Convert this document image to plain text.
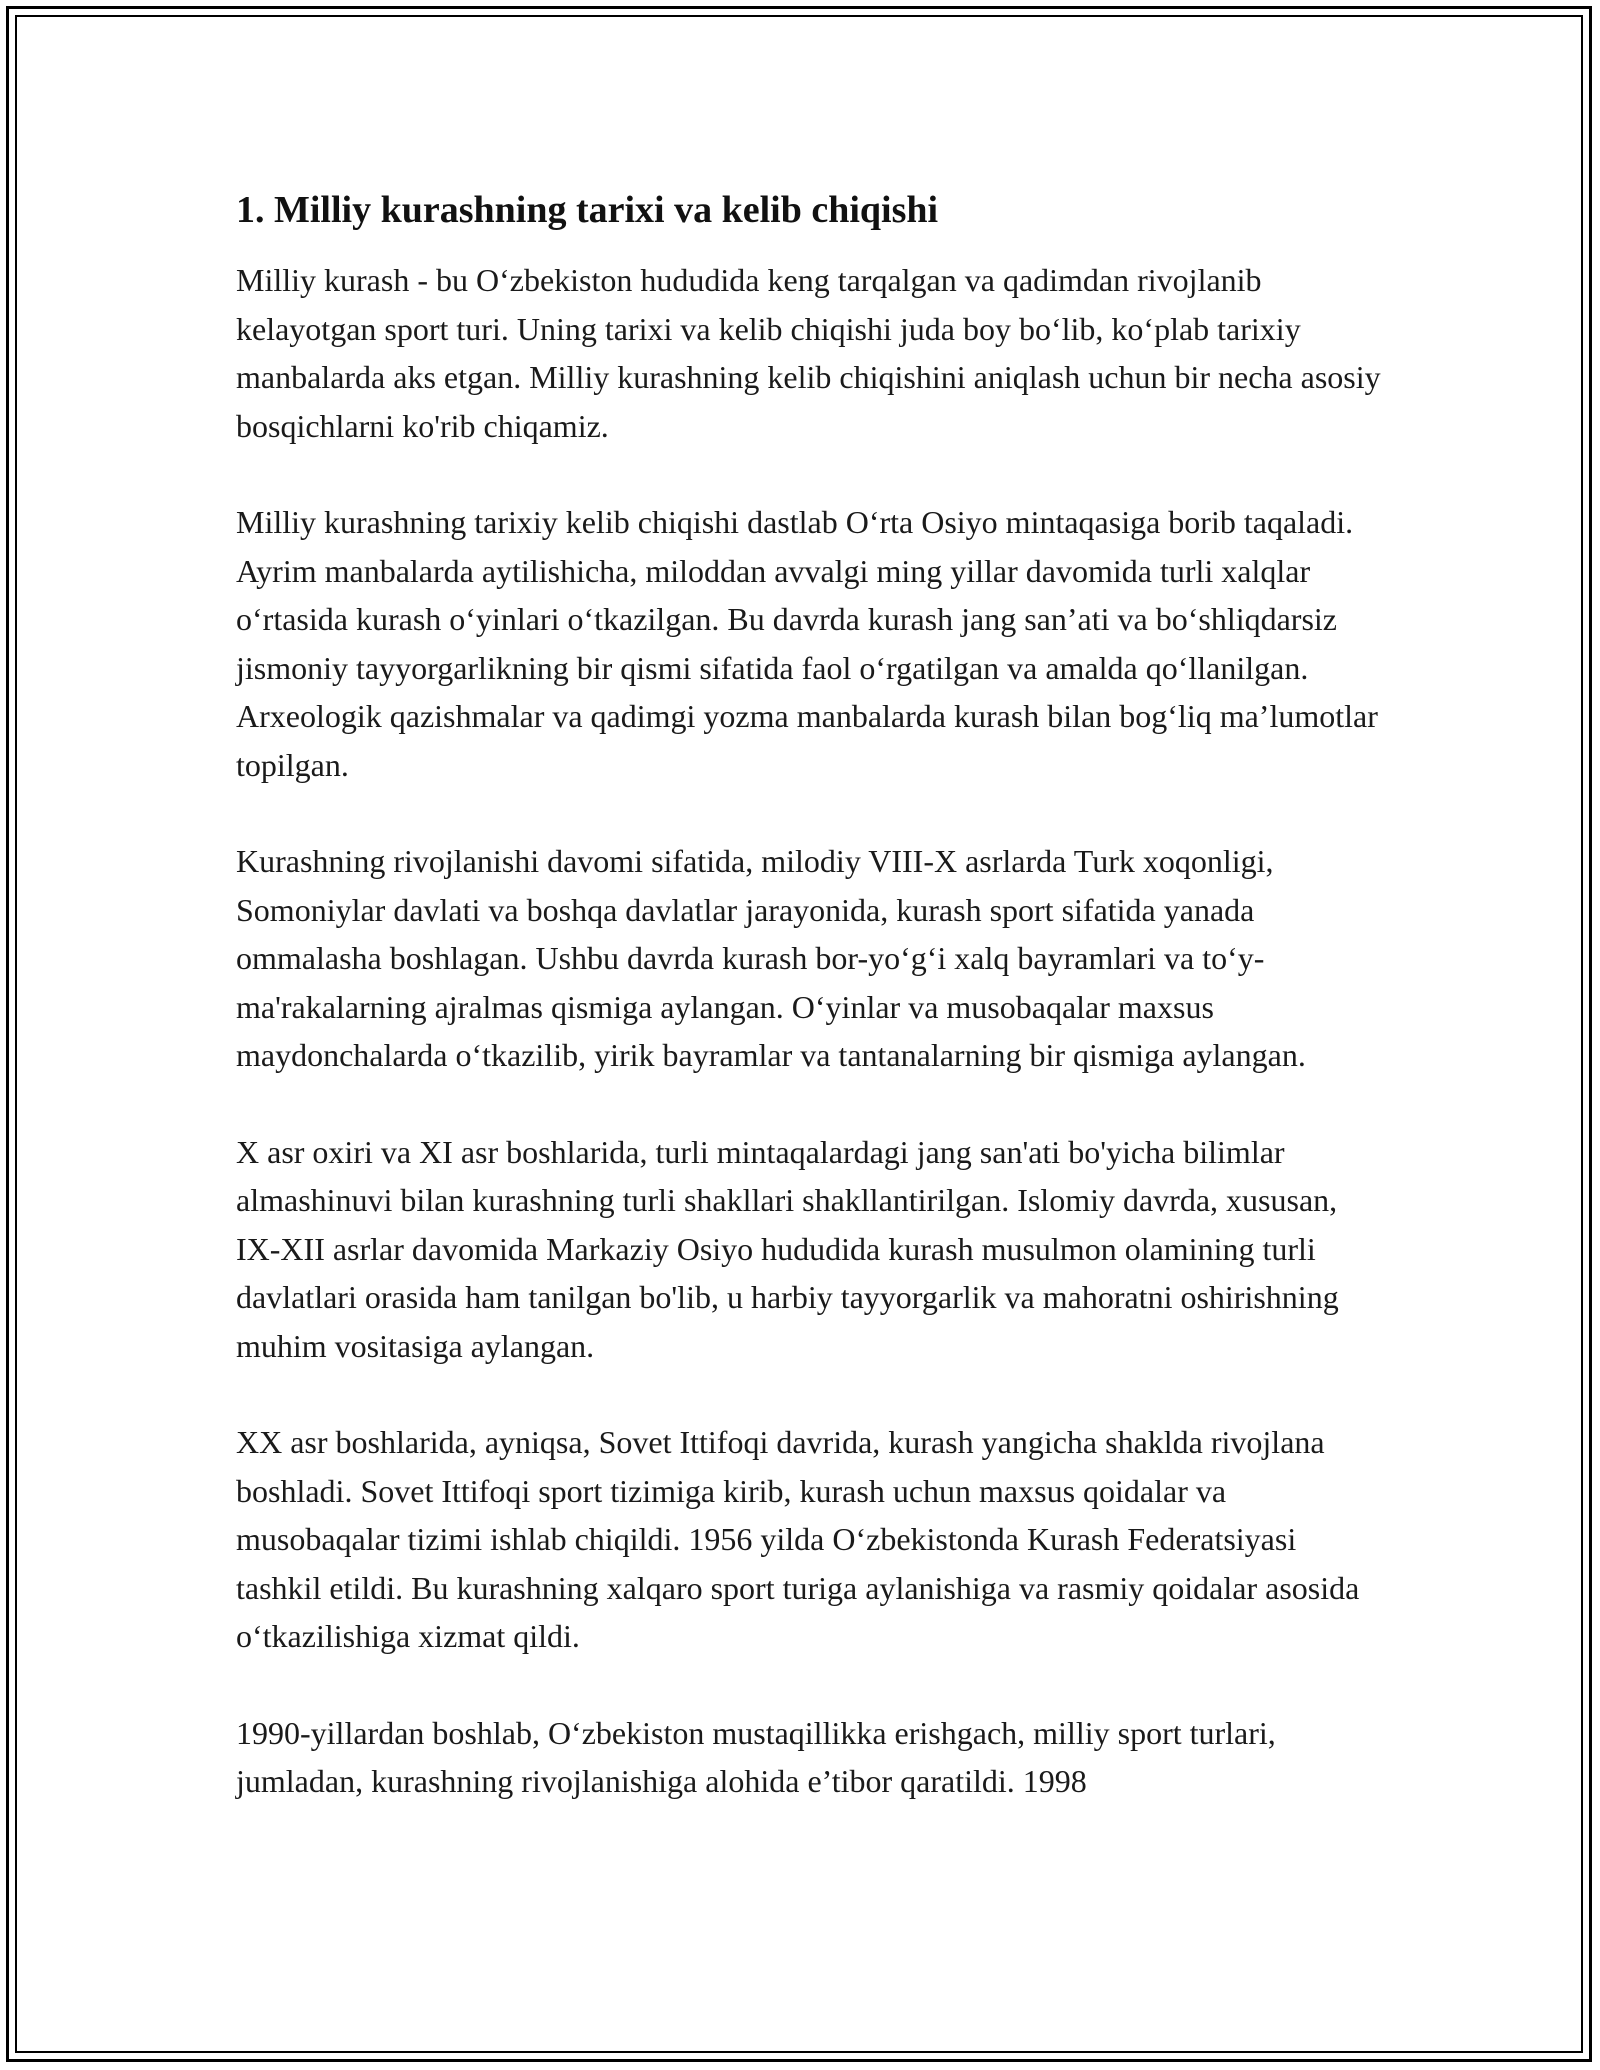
1. Milliy kurashning tarixi va kelib chiqishi

Milliy kurash - bu O‘zbekiston hududida keng tarqalgan va qadimdan rivojlanib kelayotgan sport turi. Uning tarixi va kelib chiqishi juda boy bo‘lib, ko‘plab tarixiy manbalarda aks etgan. Milliy kurashning kelib chiqishini aniqlash uchun bir necha asosiy bosqichlarni ko'rib chiqamiz.

Milliy kurashning tarixiy kelib chiqishi dastlab O‘rta Osiyo mintaqasiga borib taqaladi. Ayrim manbalarda aytilishicha, miloddan avvalgi ming yillar davomida turli xalqlar o‘rtasida kurash o‘yinlari o‘tkazilgan. Bu davrda kurash jang san’ati va bo‘shliqdarsiz jismoniy tayyorgarlikning bir qismi sifatida faol o‘rgatilgan va amalda qo‘llanilgan. Arxeologik qazishmalar va qadimgi yozma manbalarda kurash bilan bog‘liq ma’lumotlar topilgan.

Kurashning rivojlanishi davomi sifatida, milodiy VIII-X asrlarda Turk xoqonligi, Somoniylar davlati va boshqa davlatlar jarayonida, kurash sport sifatida yanada ommalasha boshlagan. Ushbu davrda kurash bor-yo‘g‘i xalq bayramlari va to‘y-ma'rakalarning ajralmas qismiga aylangan. O‘yinlar va musobaqalar maxsus maydonchalarda o‘tkazilib, yirik bayramlar va tantanalarning bir qismiga aylangan.

X asr oxiri va XI asr boshlarida, turli mintaqalardagi jang san'ati bo'yicha bilimlar almashinuvi bilan kurashning turli shakllari shakllantirilgan. Islomiy davrda, xususan, IX-XII asrlar davomida Markaziy Osiyo hududida kurash musulmon olamining turli davlatlari orasida ham tanilgan bo'lib, u harbiy tayyorgarlik va mahoratni oshirishning muhim vositasiga aylangan.

XX asr boshlarida, ayniqsa, Sovet Ittifoqi davrida, kurash yangicha shaklda rivojlana boshladi. Sovet Ittifoqi sport tizimiga kirib, kurash uchun maxsus qoidalar va musobaqalar tizimi ishlab chiqildi. 1956 yilda O‘zbekistonda Kurash Federatsiyasi tashkil etildi. Bu kurashning xalqaro sport turiga aylanishiga va rasmiy qoidalar asosida o‘tkazilishiga xizmat qildi.

1990-yillardan boshlab, O‘zbekiston mustaqillikka erishgach, milliy sport turlari, jumladan, kurashning rivojlanishiga alohida e’tibor qaratildi. 1998
